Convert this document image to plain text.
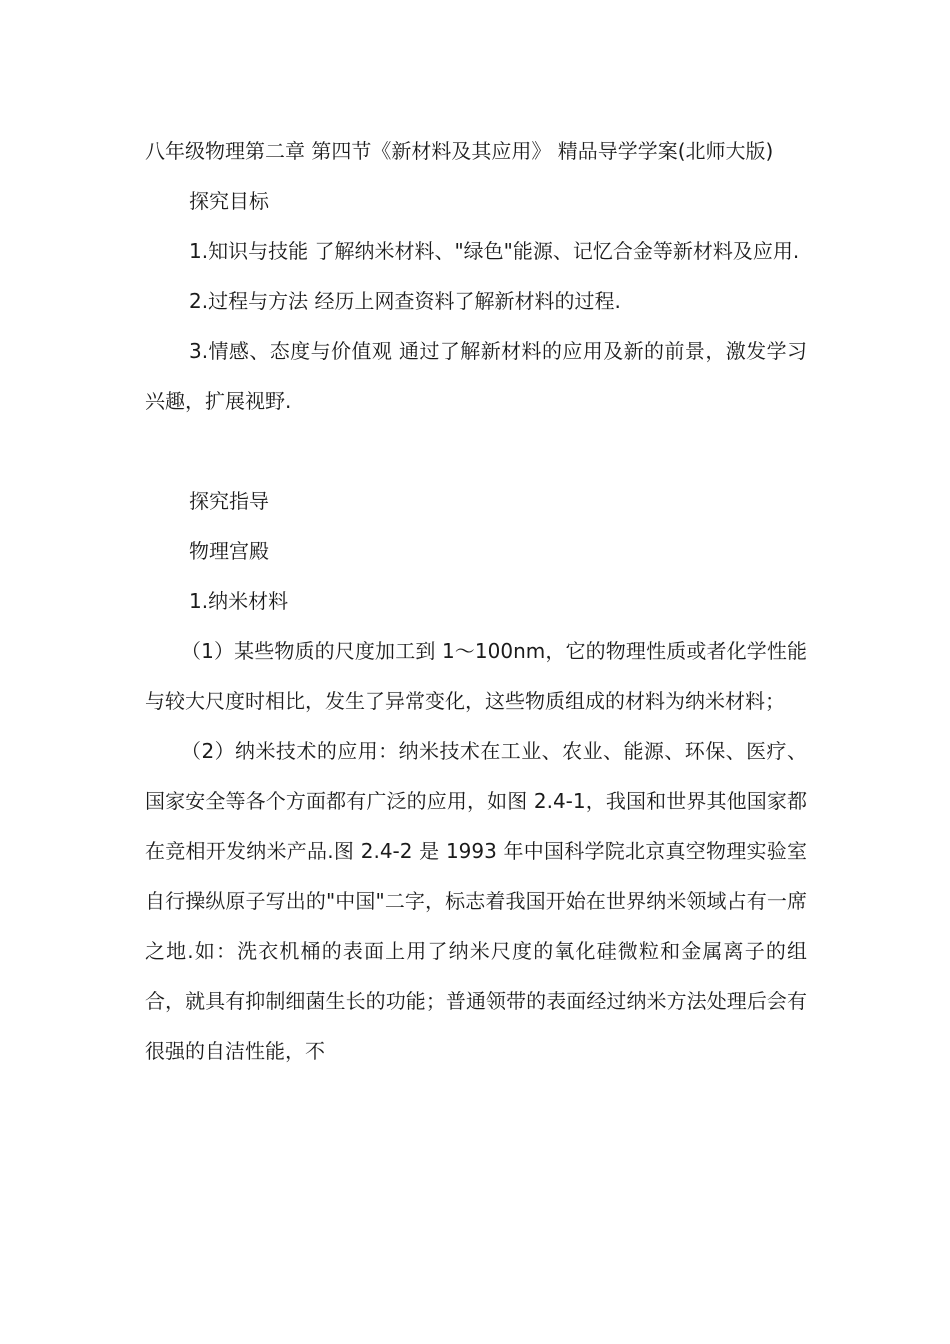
八年级物理第二章 第四节《新材料及其应用》 精品导学学案(北师大版)

探究目标

1.知识与技能 了解纳米材料、"绿色"能源、记忆合金等新材料及应用.

2.过程与方法 经历上网查资料了解新材料的过程.

3.情感、态度与价值观 通过了解新材料的应用及新的前景，激发学习兴趣，扩展视野.

探究指导

物理宫殿

1.纳米材料

（1）某些物质的尺度加工到 1～100nm，它的物理性质或者化学性能与较大尺度时相比，发生了异常变化，这些物质组成的材料为纳米材料；

（2）纳米技术的应用：纳米技术在工业、农业、能源、环保、医疗、国家安全等各个方面都有广泛的应用，如图 2.4-1，我国和世界其他国家都在竞相开发纳米产品.图 2.4-2 是 1993 年中国科学院北京真空物理实验室自行操纵原子写出的"中国"二字，标志着我国开始在世界纳米领域占有一席之地.如：洗衣机桶的表面上用了纳米尺度的氧化硅微粒和金属离子的组合，就具有抑制细菌生长的功能；普通领带的表面经过纳米方法处理后会有很强的自洁性能，不
